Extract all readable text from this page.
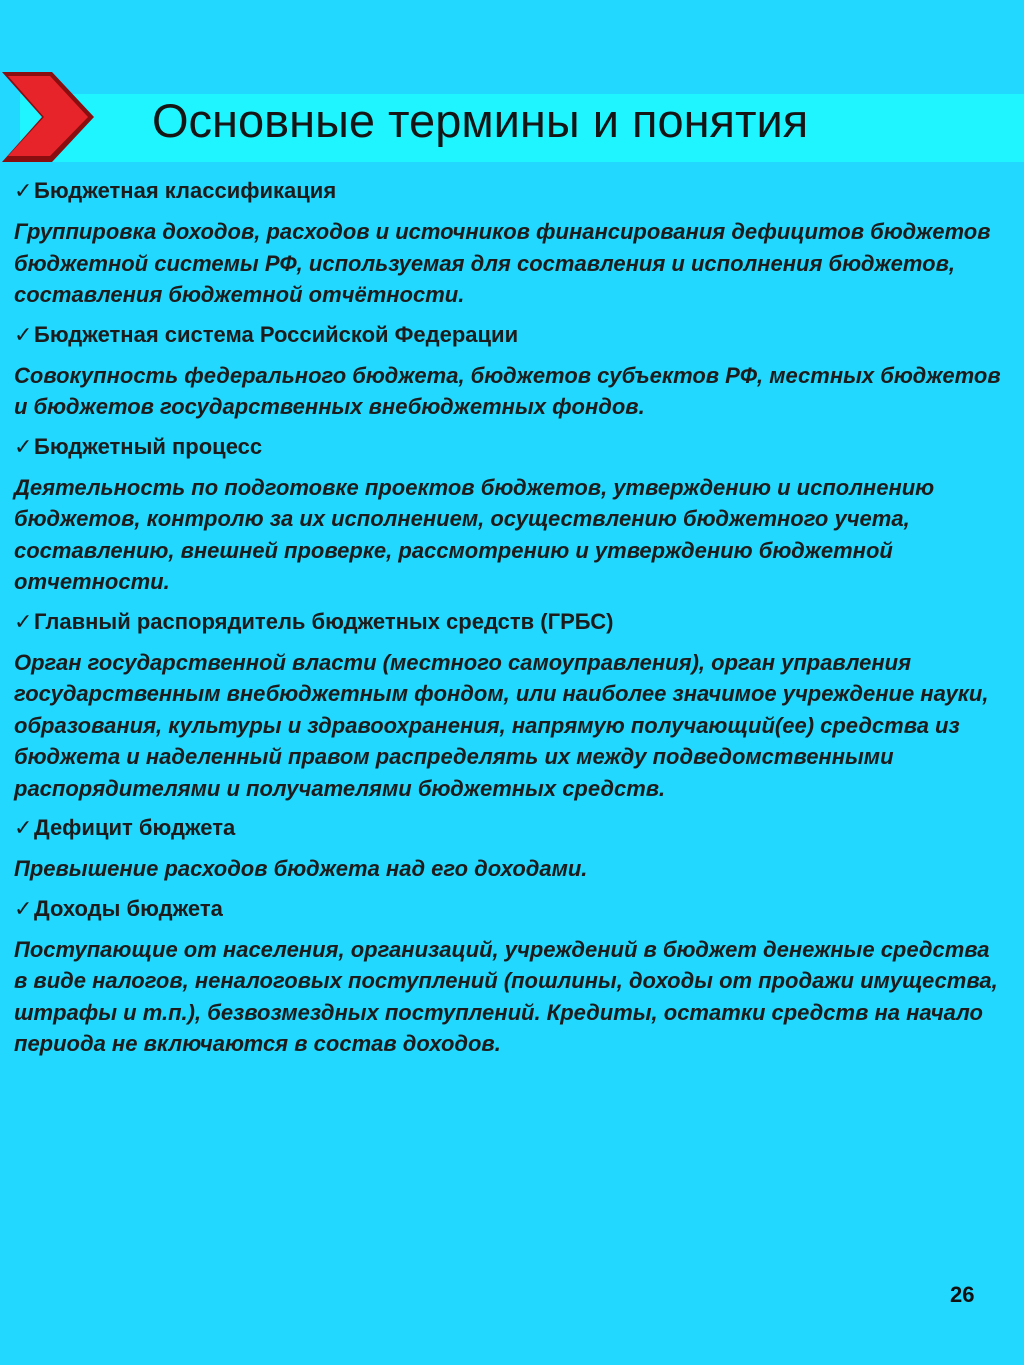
Основные термины и понятия

✓Бюджетная классификация

Группировка доходов, расходов и источников финансирования дефицитов бюджетов бюджетной системы РФ, используемая для составления и исполнения бюджетов, составления бюджетной отчётности.

✓Бюджетная система Российской Федерации

Совокупность федерального бюджета, бюджетов субъектов РФ, местных бюджетов и бюджетов государственных внебюджетных фондов.

✓Бюджетный процесс

Деятельность по подготовке проектов бюджетов, утверждению и исполнению бюджетов, контролю за их исполнением, осуществлению бюджетного учета, составлению, внешней проверке, рассмотрению и утверждению бюджетной отчетности.

✓Главный распорядитель бюджетных средств (ГРБС)

Орган государственной власти (местного самоуправления), орган управления государственным внебюджетным фондом, или наиболее значимое учреждение науки, образования, культуры и здравоохранения, напрямую получающий(ее) средства из бюджета и наделенный правом распределять их между подведомственными распорядителями и получателями бюджетных средств.

✓Дефицит бюджета

Превышение расходов бюджета над его доходами.

✓Доходы бюджета

Поступающие от населения, организаций, учреждений в бюджет денежные средства в виде налогов, неналоговых поступлений (пошлины, доходы от продажи имущества, штрафы и т.п.), безвозмездных поступлений. Кредиты, остатки средств на начало периода не включаются в состав доходов.

26
